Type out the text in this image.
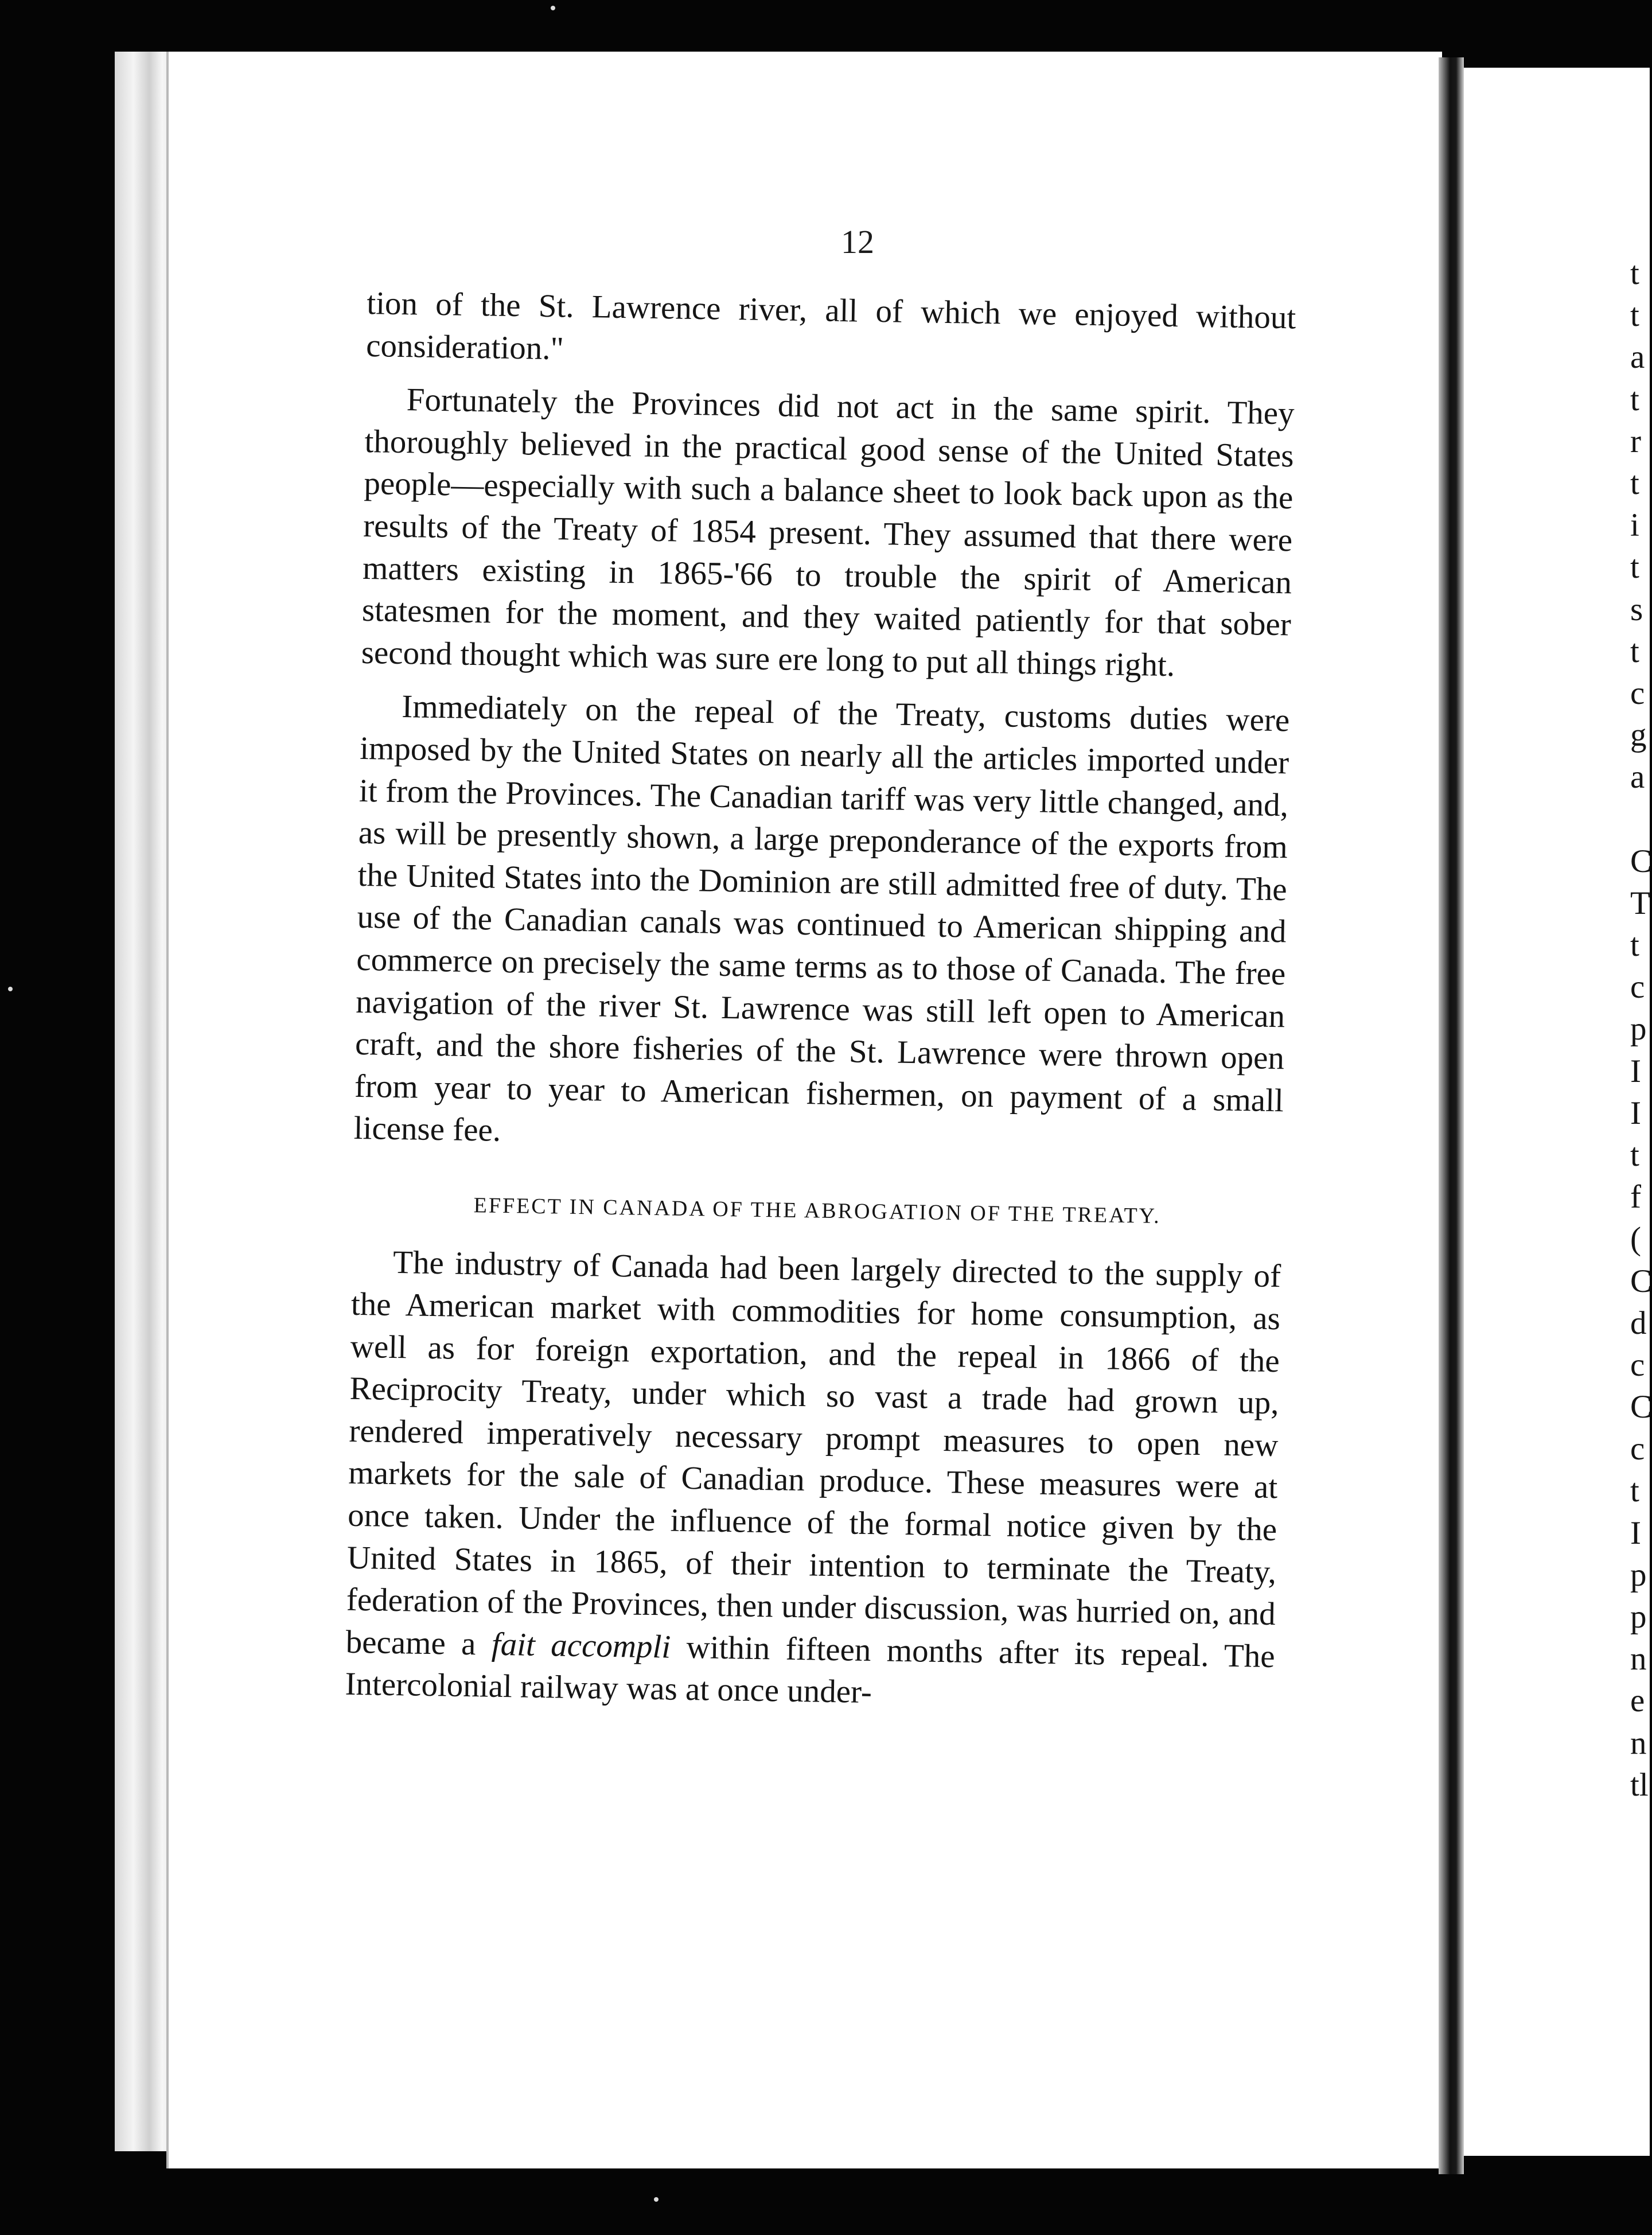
12

tion of the St. Lawrence river, all of which we enjoyed without consideration."

Fortunately the Provinces did not act in the same spirit. They thoroughly believed in the practical good sense of the United States people—especially with such a balance sheet to look back upon as the results of the Treaty of 1854 present. They assumed that there were matters existing in 1865-'66 to trouble the spirit of American statesmen for the moment, and they waited patiently for that sober second thought which was sure ere long to put all things right.

Immediately on the repeal of the Treaty, customs duties were imposed by the United States on nearly all the articles imported under it from the Provinces. The Canadian tariff was very little changed, and, as will be presently shown, a large preponderance of the exports from the United States into the Dominion are still admitted free of duty. The use of the Canadian canals was continued to American shipping and commerce on precisely the same terms as to those of Canada. The free navigation of the river St. Lawrence was still left open to American craft, and the shore fisheries of the St. Lawrence were thrown open from year to year to American fishermen, on payment of a small license fee.

EFFECT IN CANADA OF THE ABROGATION OF THE TREATY.

The industry of Canada had been largely directed to the supply of the American market with commodities for home consumption, as well as for foreign exportation, and the repeal in 1866 of the Reciprocity Treaty, under which so vast a trade had grown up, rendered imperatively necessary prompt measures to open new markets for the sale of Canadian produce. These measures were at once taken. Under the influence of the formal notice given by the United States in 1865, of their intention to terminate the Treaty, federation of the Provinces, then under discussion, was hurried on, and became a fait accompli within fifteen months after its repeal. The Intercolonial railway was at once under-

t
t
a
t
r
t
i
t
s
t
c
g
a
C
T
t
c
p
I
I
t
f
(
C
d
c
C
c
t
I
p
p
n
e
n
tl
